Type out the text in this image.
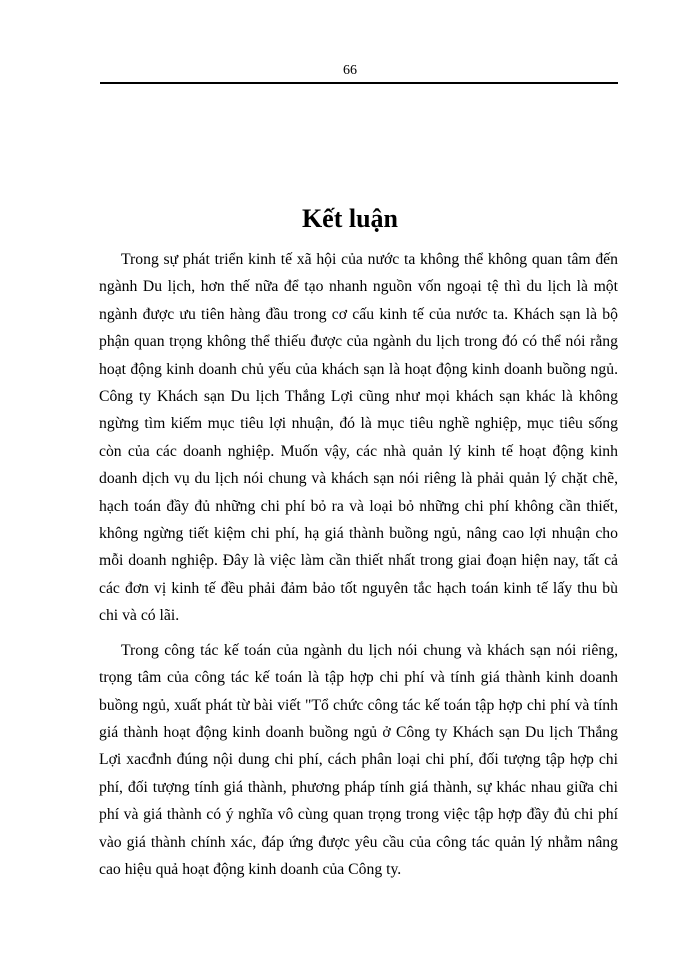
66
Kết luận

Trong sự phát triển kinh tế xã hội của nước ta không thể không quan tâm đến ngành Du lịch, hơn thế nữa để tạo nhanh nguồn vốn ngoại tệ thì du lịch là một ngành được ưu tiên hàng đầu trong cơ cấu kinh tế của nước ta. Khách sạn là bộ phận quan trọng không thể thiếu được của ngành du lịch trong đó có thể nói rằng hoạt động kinh doanh chủ yếu của khách sạn là hoạt động kinh doanh buồng ngủ. Công ty Khách sạn Du lịch Thắng Lợi cũng như mọi khách sạn khác là không ngừng tìm kiếm mục tiêu lợi nhuận, đó là mục tiêu nghề nghiệp, mục tiêu sống còn của các doanh nghiệp. Muốn vậy, các nhà quản lý kinh tế hoạt động kinh doanh dịch vụ du lịch nói chung và khách sạn nói riêng là phải quản lý chặt chẽ, hạch toán đầy đủ những chi phí bỏ ra và loại bỏ những chi phí không cần thiết, không ngừng tiết kiệm chi phí, hạ giá thành buồng ngủ, nâng cao lợi nhuận cho mỗi doanh nghiệp. Đây là việc làm cần thiết nhất trong giai đoạn hiện nay, tất cả các đơn vị kinh tế đều phải đảm bảo tốt nguyên tắc hạch toán kinh tế lấy thu bù chi và có lãi.

Trong công tác kế toán của ngành du lịch nói chung và khách sạn nói riêng, trọng tâm của công tác kế toán là tập hợp chi phí và tính giá thành kinh doanh buồng ngủ, xuất phát từ bài viết "Tổ chức công tác kế toán tập hợp chi phí và tính giá thành hoạt động kinh doanh buồng ngủ ở Công ty Khách sạn Du lịch Thắng Lợi xacđnh đúng nội dung chi phí, cách phân loại chi phí, đối tượng tập hợp chi phí, đối tượng tính giá thành, phương pháp tính giá thành, sự khác nhau giữa chi phí và giá thành có ý nghĩa vô cùng quan trọng trong việc tập hợp đầy đủ chi phí vào giá thành chính xác, đáp ứng được yêu cầu của công tác quản lý nhằm nâng cao hiệu quả hoạt động kinh doanh của Công ty.
